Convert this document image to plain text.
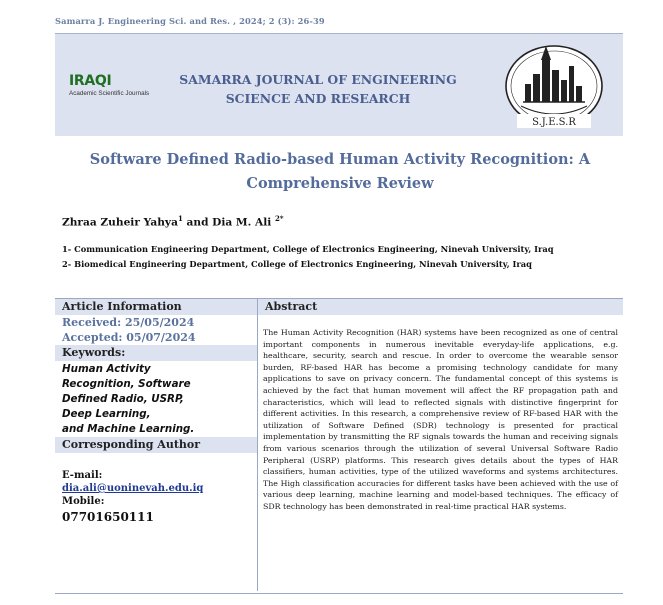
Samarra J. Engineering Sci. and Res. , 2024; 2 (3): 26-39
IRAQI
Academic Scientific Journals
SAMARRA JOURNAL OF ENGINEERING
SCIENCE AND RESEARCH
S.J.E.S.R
Software Defined Radio-based Human Activity Recognition: A Comprehensive Review
Zhraa Zuheir Yahya$^1$ and Dia M. Ali $^{2*}$
1- Communication Engineering Department, College of Electronics Engineering, Ninevah University, Iraq
2- Biomedical Engineering Department, College of Electronics Engineering, Ninevah University, Iraq
Article Information
Received: 25/05/2024
Accepted: 05/07/2024
Keywords:
Human Activity
Recognition, Software
Defined Radio, USRP,
Deep Learning,
and Machine Learning.
Corresponding Author
E-mail:
dia.ali@uoninevah.edu.iq
Mobile:
07701650111
Abstract
The Human Activity Recognition (HAR) systems have been recognized as one of central important components in numerous inevitable everyday-life applications, e.g. healthcare, security, search and rescue. In order to overcome the wearable sensor burden, RF-based HAR has become a promising technology candidate for many applications to save on privacy concern. The fundamental concept of this systems is achieved by the fact that human movement will affect the RF propagation path and characteristics, which will lead to reflected signals with distinctive fingerprint for different activities. In this research, a comprehensive review of RF-based HAR with the utilization of Software Defined (SDR) technology is presented for practical implementation by transmitting the RF signals towards the human and receiving signals from various scenarios through the utilization of several Universal Software Radio Peripheral (USRP) platforms. This research gives details about the types of HAR classifiers, human activities, type of the utilized waveforms and systems architectures. The High classification accuracies for different tasks have been achieved with the use of various deep learning, machine learning and model-based techniques. The efficacy of SDR technology has been demonstrated in real-time practical HAR systems.
